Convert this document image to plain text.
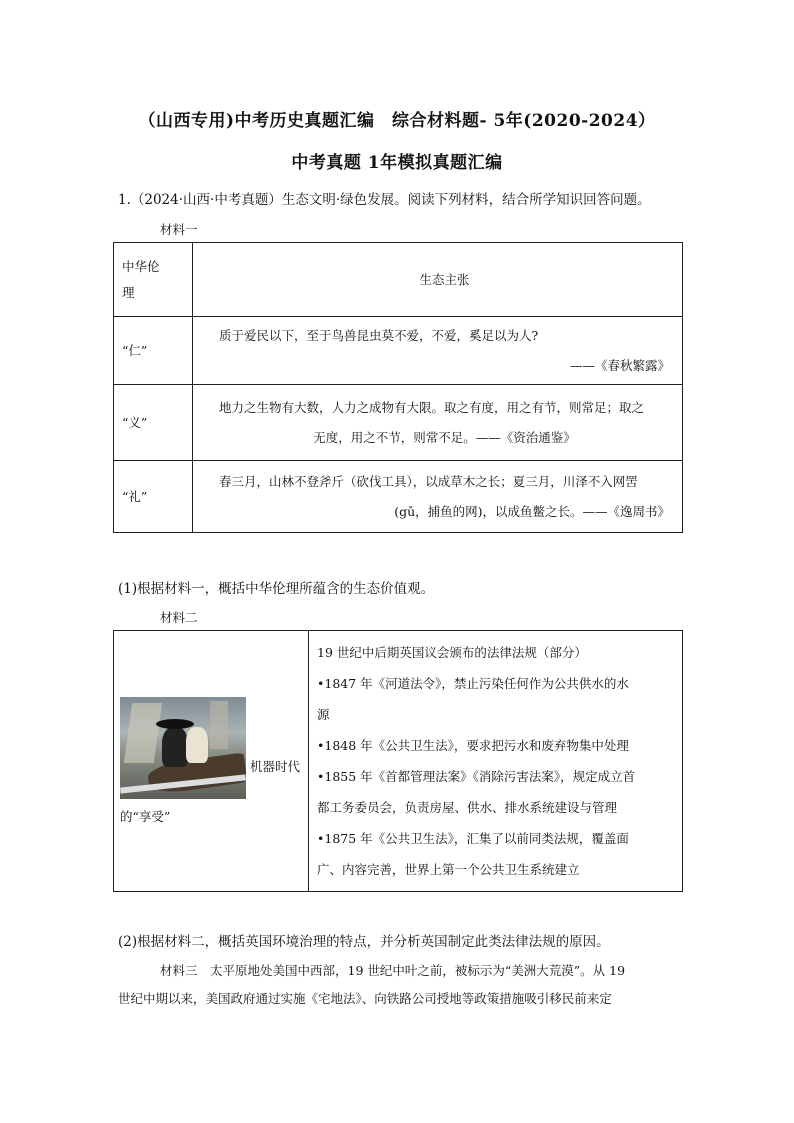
（山西专用)中考历史真题汇编　综合材料题- 5年(2020-2024）
中考真题 1年模拟真题汇编
1.（2024·山西·中考真题）生态文明·绿色发展。阅读下列材料，结合所学知识回答问题。
材料一
中华伦
理	生态主张
“仁”	质于爱民以下，至于鸟兽昆虫莫不爱，不爱，奚足以为人?
——《春秋繁露》

“义”	地力之生物有大数，人力之成物有大限。取之有度，用之有节，则常足；取之
无度，用之不节，则常不足。——《资治通鉴》

“礼”	春三月，山林不登斧斤（砍伐工具），以成草木之长；夏三月，川泽不入网罟
(gǔ，捕鱼的网)，以成鱼鳖之长。——《逸周书》
(1)根据材料一，概括中华伦理所蕴含的生态价值观。
材料二
机器时代
的“享受”

19 世纪中后期英国议会颁布的法律法规（部分）
•1847 年《河道法令》，禁止污染任何作为公共供水的水
源
•1848 年《公共卫生法》，要求把污水和废弃物集中处理
•1855 年《首都管理法案》《消除污害法案》，规定成立首
都工务委员会，负责房屋、供水、排水系统建设与管理
•1875 年《公共卫生法》，汇集了以前同类法规，覆盖面
广、内容完善，世界上第一个公共卫生系统建立
(2)根据材料二，概括英国环境治理的特点，并分析英国制定此类法律法规的原因。
材料三　太平原地处美国中西部，19 世纪中叶之前，被标示为“美洲大荒漠”。从 19
世纪中期以来，美国政府通过实施《宅地法》、向铁路公司授地等政策措施吸引移民前来定
